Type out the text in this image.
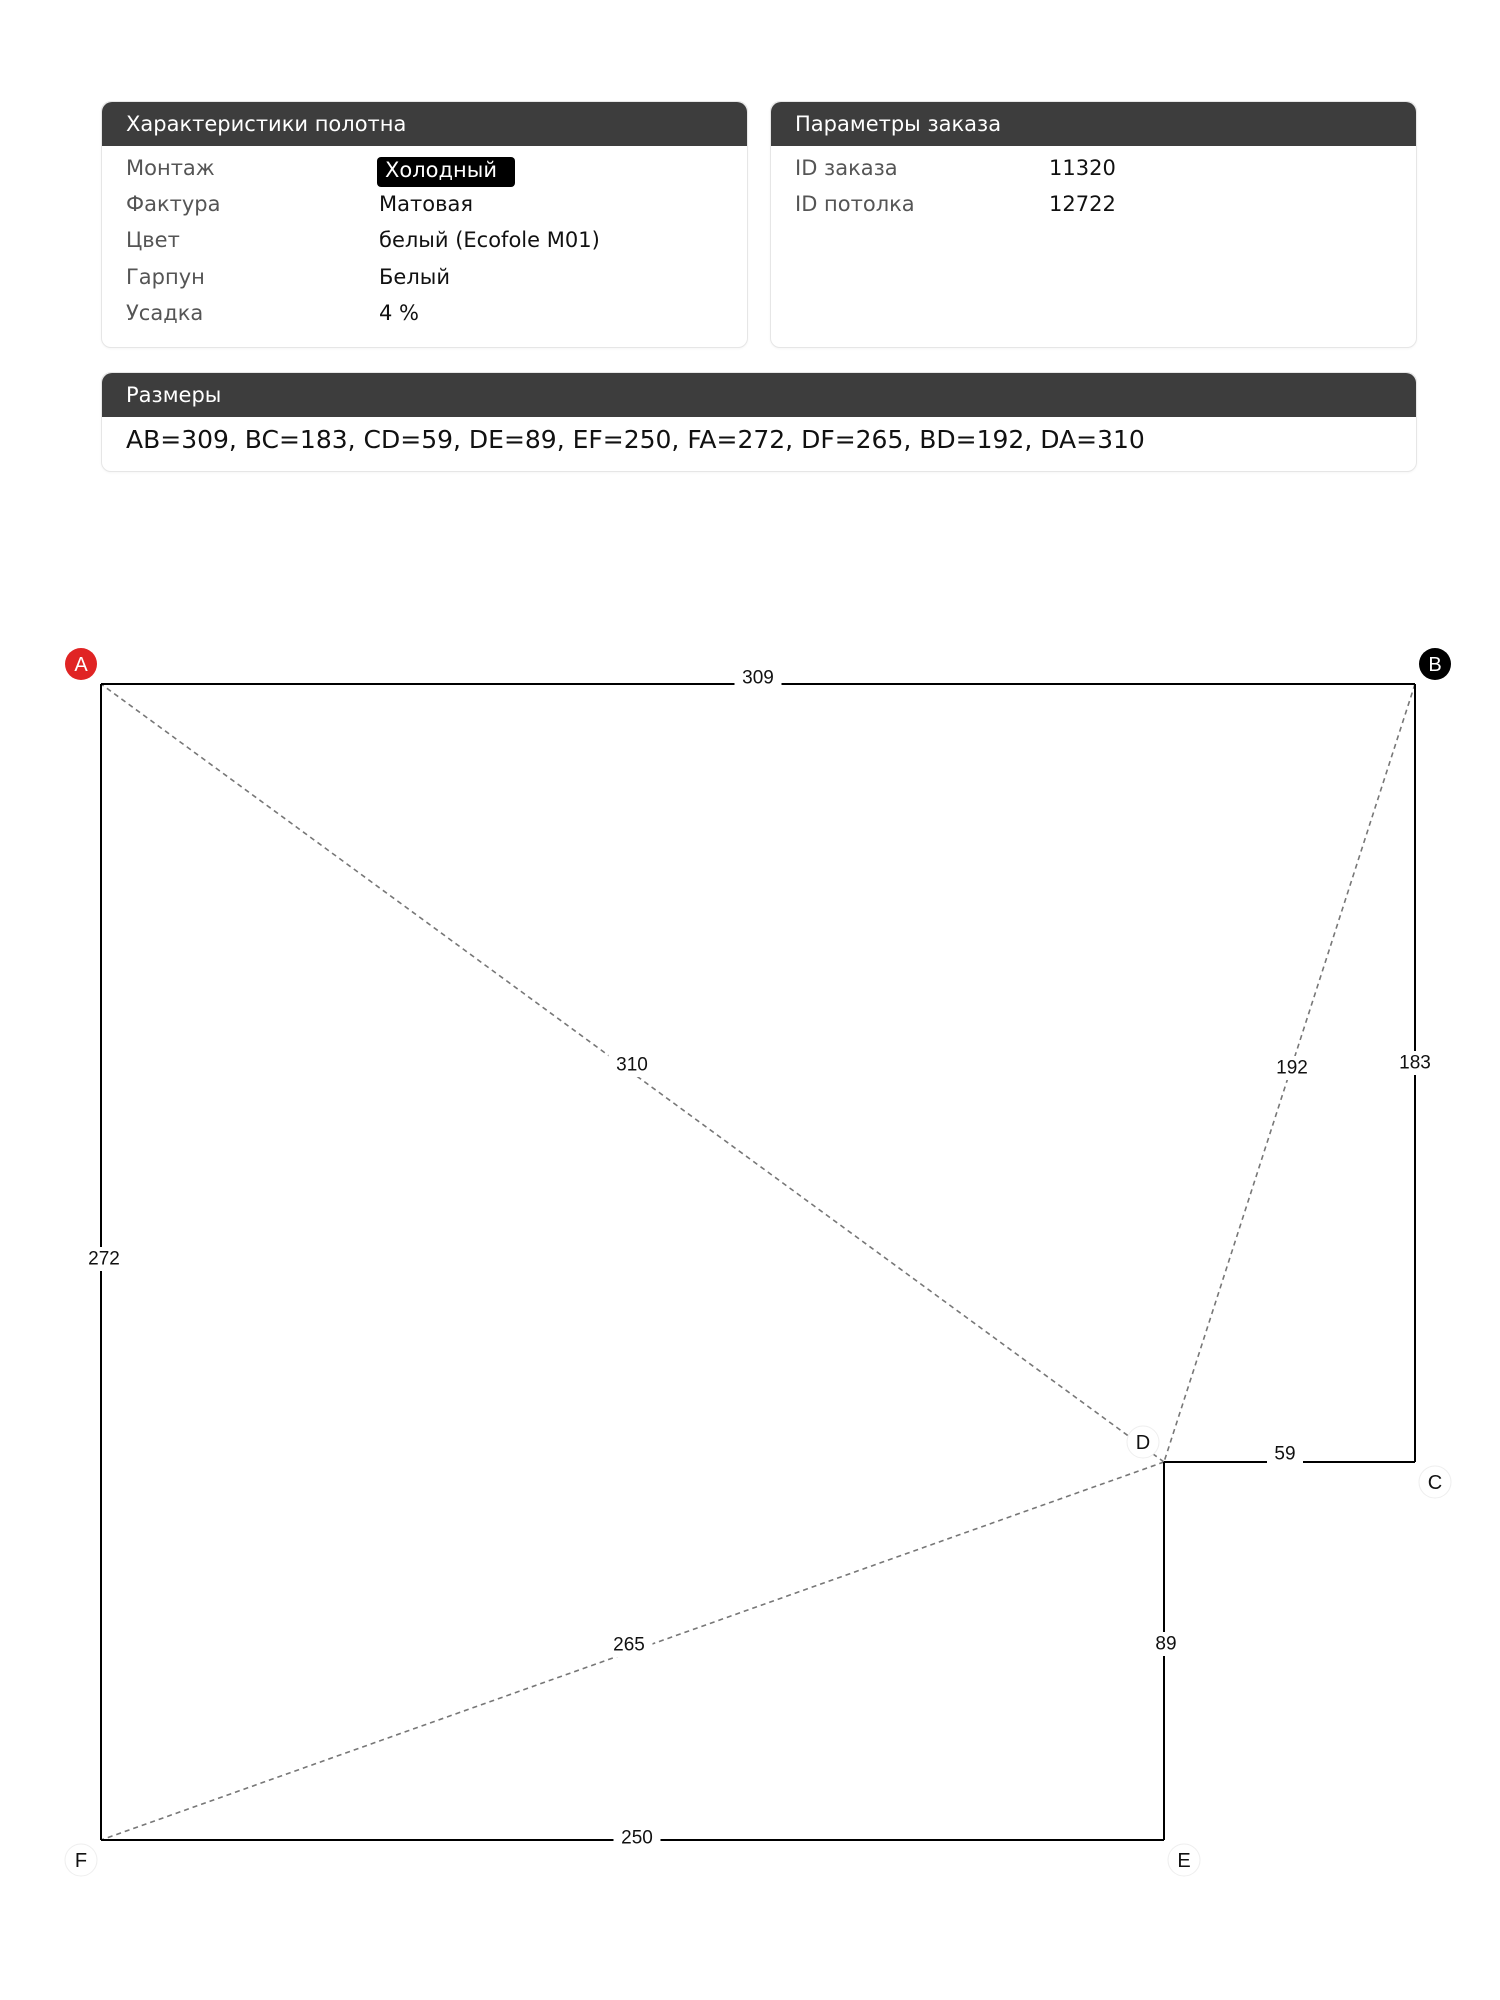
Характеристики полотна
Монтаж	Холодный
Фактура	Матовая
Цвет	белый (Ecofole M01)
Гарпун	Белый
Усадка	4 %
Параметры заказа
ID заказа	11320
ID потолка	12722
Размеры
AB=309, BC=183, CD=59, DE=89, EF=250, FA=272, DF=265, BD=192, DA=310
309
183
59
89
250
272
265
192
310
A	B
C
D
E
F
